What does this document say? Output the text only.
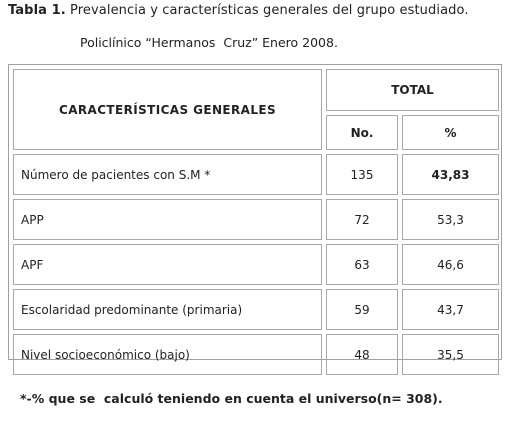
Tabla 1. Prevalencia y características generales del grupo estudiado.
Policlínico “Hermanos  Cruz” Enero 2008.
CARACTERÍSTICAS GENERALES
TOTAL
No.	%
Número de pacientes con S.M *	135	43,83
APP	72	53,3
APF	63	46,6
Escolaridad predominante (primaria)	59	43,7
Nivel socioeconómico (bajo)	48	35,5
*-% que se  calculó teniendo en cuenta el universo(n= 308).
